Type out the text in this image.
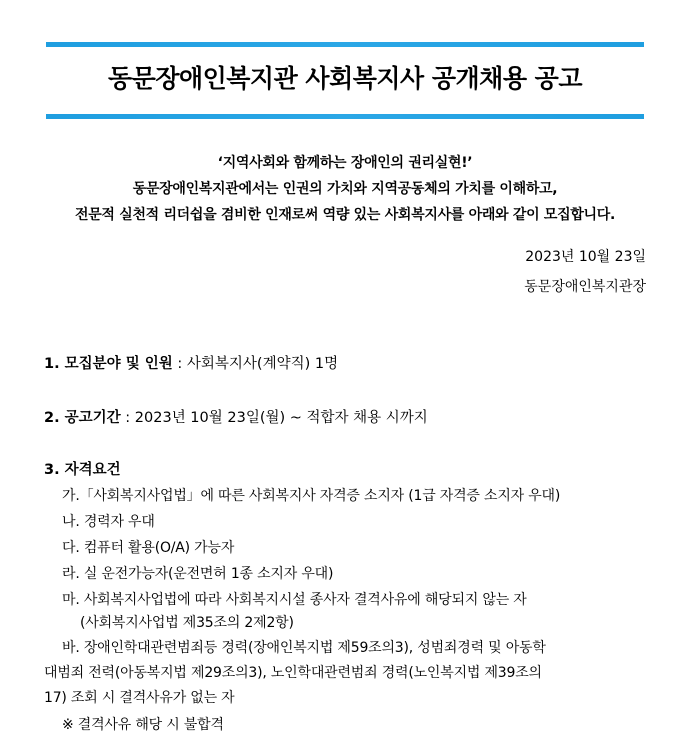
동문장애인복지관 사회복지사 공개채용 공고
‘지역사회와 함께하는 장애인의 권리실현!’
동문장애인복지관에서는 인권의 가치와 지역공동체의 가치를 이해하고,
전문적 실천적 리더쉽을 겸비한 인재로써 역량 있는 사회복지사를 아래와 같이 모집합니다.
2023년 10월 23일
동문장애인복지관장
1. 모집분야 및 인원 : 사회복지사(계약직) 1명
2. 공고기간 : 2023년 10월 23일(월) ~ 적합자 채용 시까지
3. 자격요건
가.「사회복지사업법」에 따른 사회복지사 자격증 소지자 (1급 자격증 소지자 우대)
나. 경력자 우대
다. 컴퓨터 활용(O/A) 가능자
라. 실 운전가능자(운전면허 1종 소지자 우대)
마. 사회복지사업법에 따라 사회복지시설 종사자 결격사유에 해당되지 않는 자
(사회복지사업법 제35조의 2제2항)
바. 장애인학대관련범죄등 경력(장애인복지법 제59조의3), 성범죄경력 및 아동학
대범죄 전력(아동복지법 제29조의3), 노인학대관련범죄 경력(노인복지법 제39조의
17) 조회 시 결격사유가 없는 자
※ 결격사유 해당 시 불합격
